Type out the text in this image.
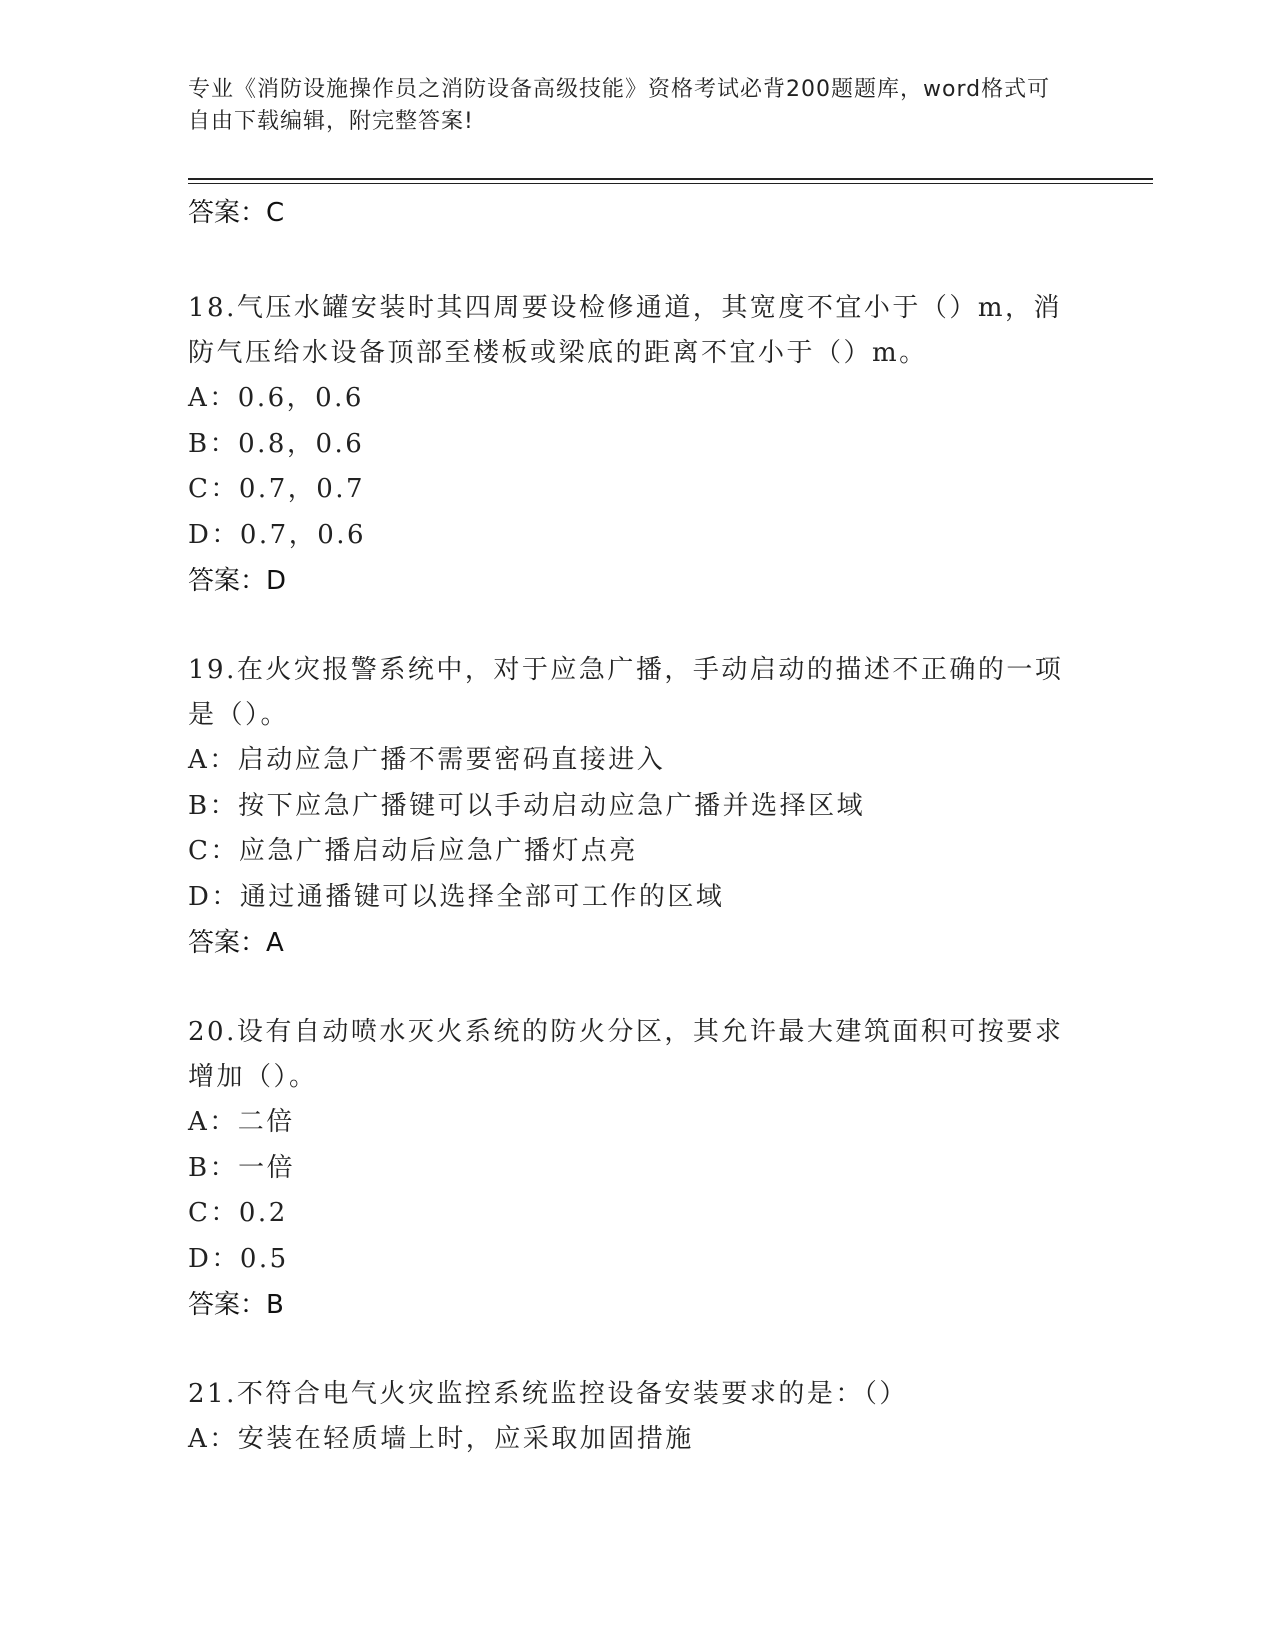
专业《消防设施操作员之消防设备高级技能》资格考试必背200题题库，word格式可自由下载编辑，附完整答案!
答案：C
18.气压水罐安装时其四周要设检修通道，其宽度不宜小于（）m，消防气压给水设备顶部至楼板或梁底的距离不宜小于（）m。
A：0.6，0.6
B：0.8，0.6
C：0.7，0.7
D：0.7，0.6
答案：D
19.在火灾报警系统中，对于应急广播，手动启动的描述不正确的一项是（）。
A：启动应急广播不需要密码直接进入
B：按下应急广播键可以手动启动应急广播并选择区域
C：应急广播启动后应急广播灯点亮
D：通过通播键可以选择全部可工作的区域
答案：A
20.设有自动喷水灭火系统的防火分区，其允许最大建筑面积可按要求增加（）。
A：二倍
B：一倍
C：0.2
D：0.5
答案：B
21.不符合电气火灾监控系统监控设备安装要求的是：（）
A：安装在轻质墙上时，应采取加固措施
